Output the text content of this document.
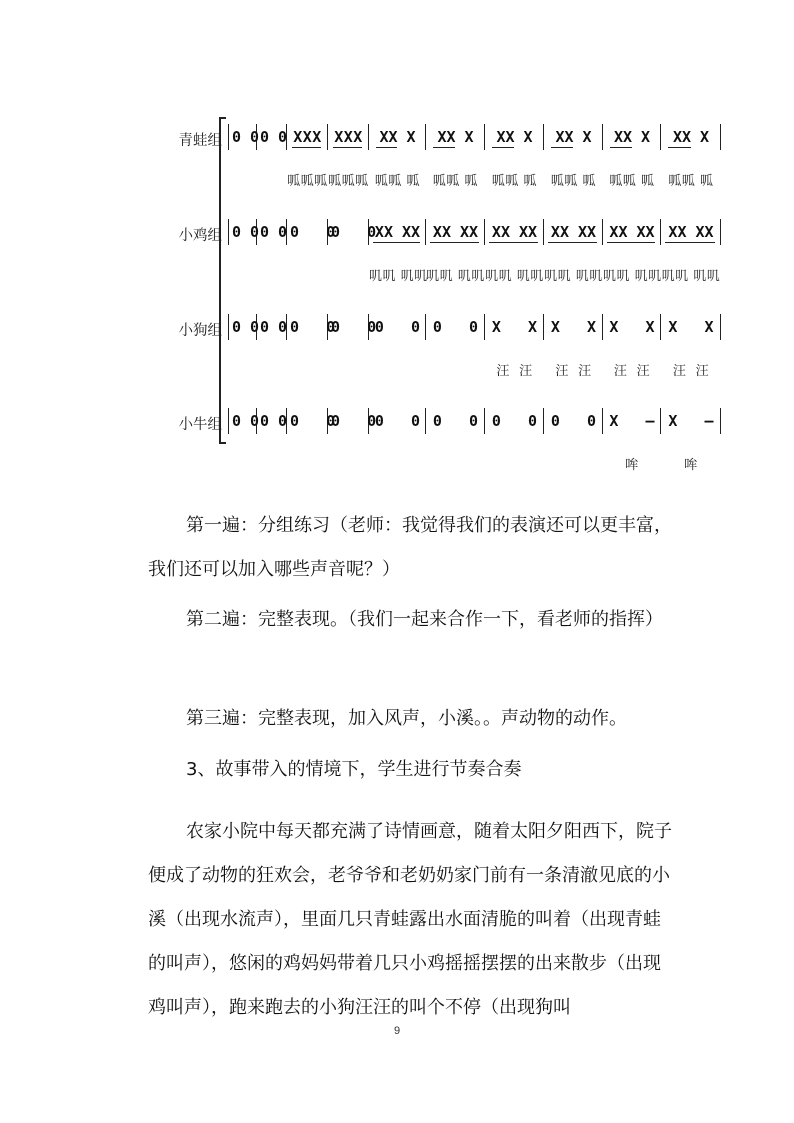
青蛙组 0 0 0 0 XXX
呱呱呱
XXX
呱呱呱
XX X
呱呱 呱
XX X
呱呱 呱
XX X
呱呱 呱
XX X
呱呱 呱
XX X
呱呱 呱
XX X
呱呱 呱
小鸡组 0 0 0 0 0   0
0   0
XX XX
叽叽 叽叽
XX XX
叽叽 叽叽
XX XX
叽叽 叽叽
XX XX
叽叽 叽叽
XX XX
叽叽 叽叽
XX XX
叽叽 叽叽
小狗组 0 0 0 0 0   0
0   0
0   0 0   0 X   X
汪  汪
X   X
汪  汪
X   X
汪  汪
X   X
汪  汪
小牛组 0 0 0 0 0   0
0   0
0   0 0   0 0   0 0   0 X   –
哞
X   –
哞
第一遍：分组练习（老师：我觉得我们的表演还可以更丰富，我们还可以加入哪些声音呢？）
第二遍：完整表现。（我们一起来合作一下，看老师的指挥）
第三遍：完整表现，加入风声，小溪。。声动物的动作。
3、故事带入的情境下，学生进行节奏合奏
农家小院中每天都充满了诗情画意，随着太阳夕阳西下，院子便成了动物的狂欢会，老爷爷和老奶奶家门前有一条清澈见底的小溪（出现水流声），里面几只青蛙露出水面清脆的叫着（出现青蛙的叫声），悠闲的鸡妈妈带着几只小鸡摇摇摆摆的出来散步（出现鸡叫声），跑来跑去的小狗汪汪的叫个不停（出现狗叫
9
